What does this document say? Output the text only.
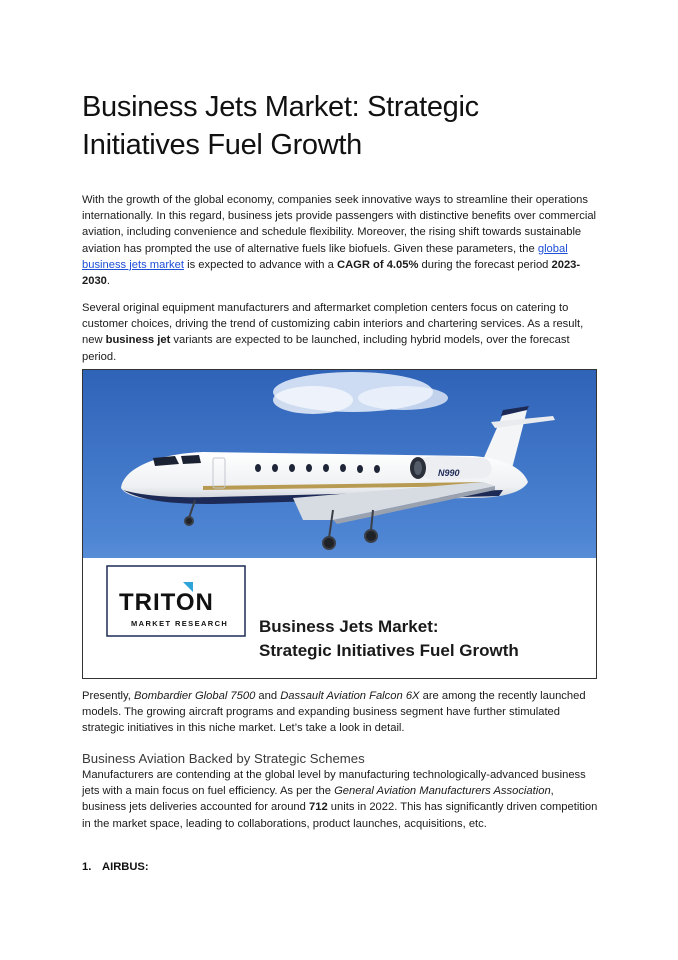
Business Jets Market: Strategic Initiatives Fuel Growth

With the growth of the global economy, companies seek innovative ways to streamline their operations internationally. In this regard, business jets provide passengers with distinctive benefits over commercial aviation, including convenience and schedule flexibility. Moreover, the rising shift towards sustainable aviation has prompted the use of alternative fuels like biofuels. Given these parameters, the global business jets market is expected to advance with a CAGR of 4.05% during the forecast period 2023-2030.

Several original equipment manufacturers and aftermarket completion centers focus on catering to customer choices, driving the trend of customizing cabin interiors and chartering services. As a result, new business jet variants are expected to be launched, including hybrid models, over the forecast period.

N990
TRITON
MARKET RESEARCH Business Jets Market:
Strategic Initiatives Fuel Growth

Presently, Bombardier Global 7500 and Dassault Aviation Falcon 6X are among the recently launched models. The growing aircraft programs and expanding business segment have further stimulated strategic initiatives in this niche market. Let’s take a look in detail.

Business Aviation Backed by Strategic Schemes

Manufacturers are contending at the global level by manufacturing technologically-advanced business jets with a main focus on fuel efficiency. As per the General Aviation Manufacturers Association, business jets deliveries accounted for around 712 units in 2022. This has significantly driven competition in the market space, leading to collaborations, product launches, acquisitions, etc.

1. AIRBUS:
